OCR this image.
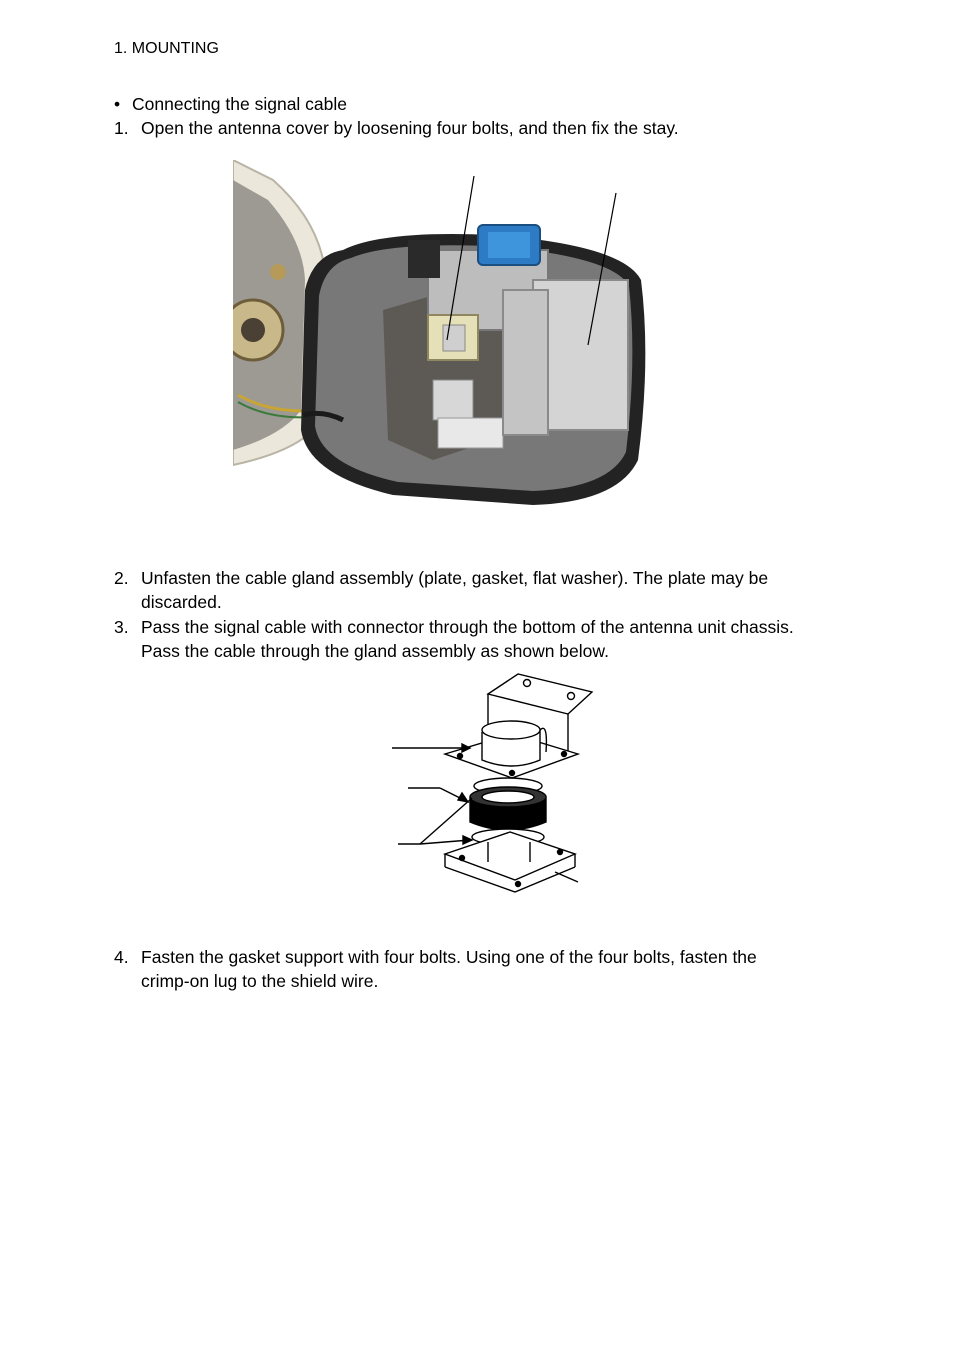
1. MOUNTING
• Connecting the signal cable
1. Open the antenna cover by loosening four bolts, and then fix the stay.
2. Unfasten the cable gland assembly (plate, gasket, flat washer). The plate may be
discarded.
3. Pass the signal cable with connector through the bottom of the antenna unit chassis.
Pass the cable through the gland assembly as shown below.
4. Fasten the gasket support with four bolts. Using one of the four bolts, fasten the
crimp-on lug to the shield wire.
